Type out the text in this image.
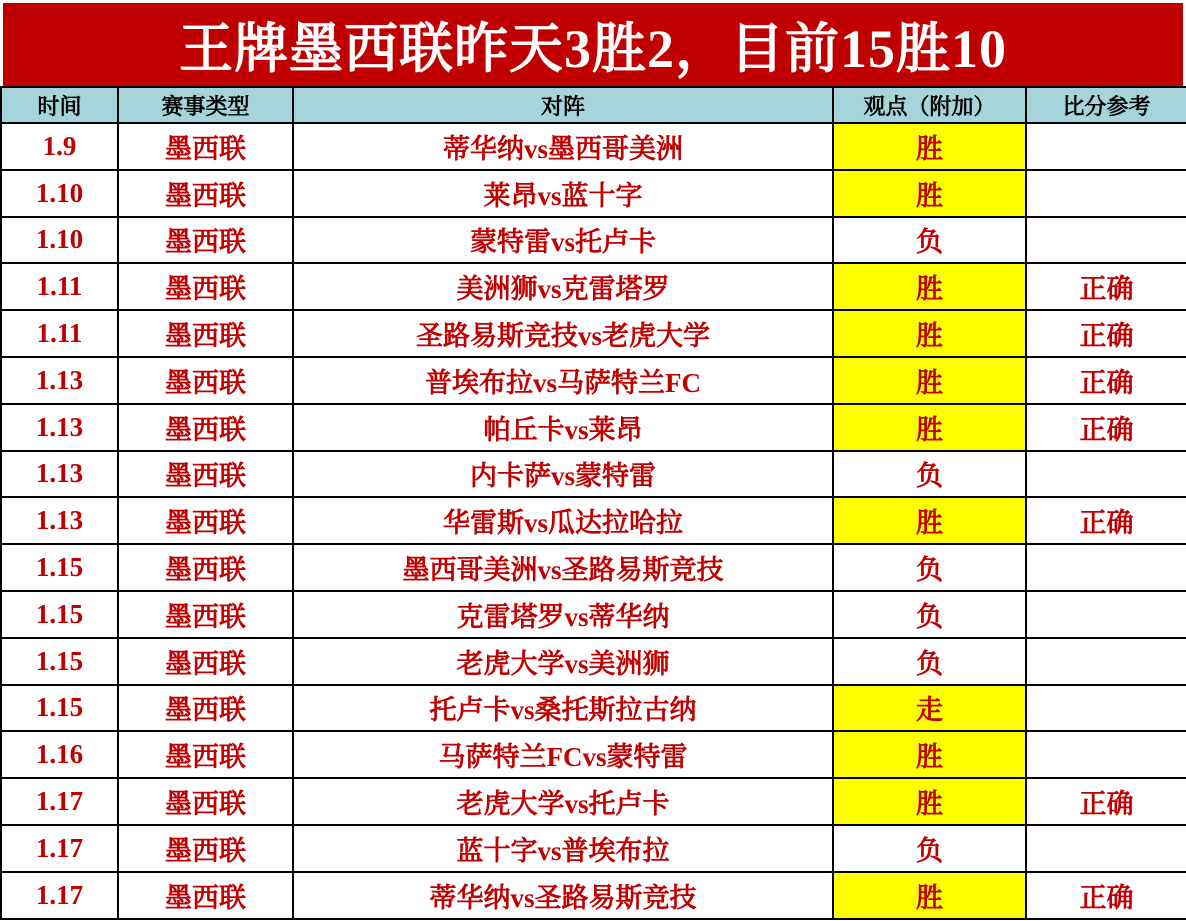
王牌墨西联昨天3胜2，目前15胜10
时间	赛事类型	对阵	观点（附加）	比分参考
1.9	墨西联	蒂华纳vs墨西哥美洲	胜	
1.10	墨西联	莱昂vs蓝十字	胜	
1.10	墨西联	蒙特雷vs托卢卡	负	
1.11	墨西联	美洲狮vs克雷塔罗	胜	正确
1.11	墨西联	圣路易斯竞技vs老虎大学	胜	正确
1.13	墨西联	普埃布拉vs马萨特兰FC	胜	正确
1.13	墨西联	帕丘卡vs莱昂	胜	正确
1.13	墨西联	内卡萨vs蒙特雷	负	
1.13	墨西联	华雷斯vs瓜达拉哈拉	胜	正确
1.15	墨西联	墨西哥美洲vs圣路易斯竞技	负	
1.15	墨西联	克雷塔罗vs蒂华纳	负	
1.15	墨西联	老虎大学vs美洲狮	负	
1.15	墨西联	托卢卡vs桑托斯拉古纳	走	
1.16	墨西联	马萨特兰FCvs蒙特雷	胜	
1.17	墨西联	老虎大学vs托卢卡	胜	正确
1.17	墨西联	蓝十字vs普埃布拉	负	
1.17	墨西联	蒂华纳vs圣路易斯竞技	胜	正确
